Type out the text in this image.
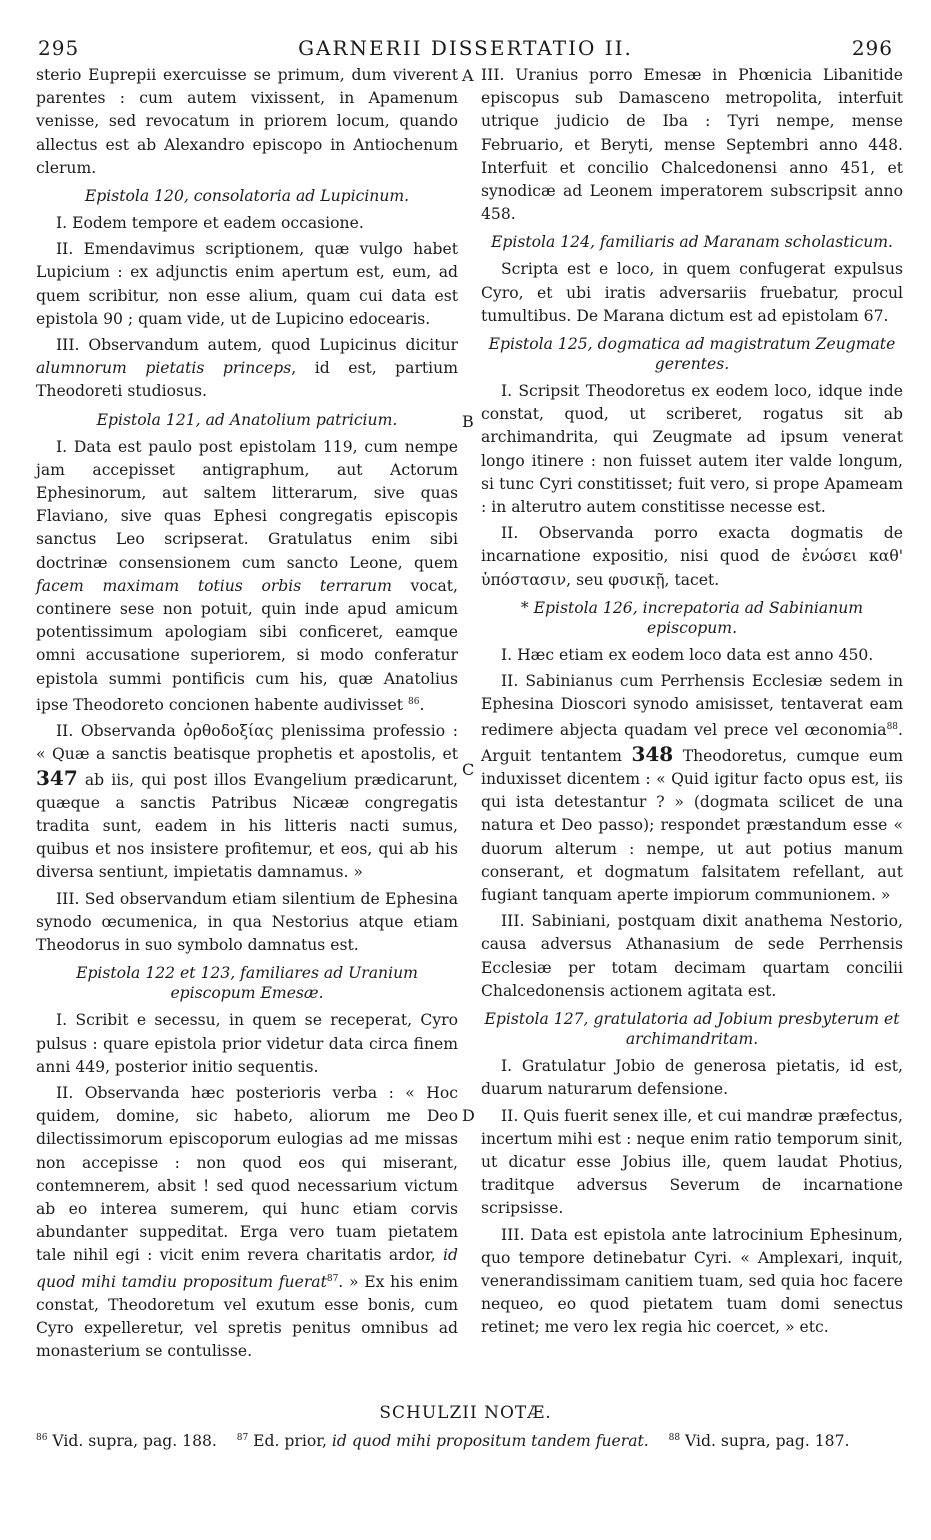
295	GARNERII DISSERTATIO II.	296
A
B
C
D

sterio Euprepii exercuisse se primum, dum viverent parentes : cum autem vixissent, in Apamenum venisse, sed revocatum in priorem locum, quando allectus est ab Alexandro episcopo in Antiochenum clerum.

Epistola 120, consolatoria ad Lupicinum.

I. Eodem tempore et eadem occasione.

II. Emendavimus scriptionem, quæ vulgo habet Lupicium : ex adjunctis enim apertum est, eum, ad quem scribitur, non esse alium, quam cui data est epistola 90 ; quam vide, ut de Lupicino edocearis.

III. Observandum autem, quod Lupicinus dicitur alumnorum pietatis princeps, id est, partium Theodoreti studiosus.

Epistola 121, ad Anatolium patricium.

I. Data est paulo post epistolam 119, cum nempe jam accepisset antigraphum, aut Actorum Ephesinorum, aut saltem litterarum, sive quas Flaviano, sive quas Ephesi congregatis episcopis sanctus Leo scripserat. Gratulatus enim sibi doctrinæ consensionem cum sancto Leone, quem facem maximam totius orbis terrarum vocat, continere sese non potuit, quin inde apud amicum potentissimum apologiam sibi conficeret, eamque omni accusatione superiorem, si modo conferatur epistola summi pontificis cum his, quæ Anatolius ipse Theodoreto concionen habente audivisset $^{86}$.

II. Observanda ὀρθοδοξίας plenissima professio : « Quæ a sanctis beatisque prophetis et apostolis, et 347 ab iis, qui post illos Evangelium prædicarunt, quæque a sanctis Patribus Nicææ congregatis tradita sunt, eadem in his litteris nacti sumus, quibus et nos insistere profitemur, et eos, qui ab his diversa sentiunt, impietatis damnamus. »

III. Sed observandum etiam silentium de Ephesina synodo œcumenica, in qua Nestorius atque etiam Theodorus in suo symbolo damnatus est.

Epistola 122 et 123, familiares ad Uranium episcopum Emesæ.

I. Scribit e secessu, in quem se receperat, Cyro pulsus : quare epistola prior videtur data circa finem anni 449, posterior initio sequentis.

II. Observanda hæc posterioris verba : « Hoc quidem, domine, sic habeto, aliorum me Deo dilectissimorum episcoporum eulogias ad me missas non accepisse : non quod eos qui miserant, contemnerem, absit ! sed quod necessarium victum ab eo interea sumerem, qui hunc etiam corvis abundanter suppeditat. Erga vero tuam pietatem tale nihil egi : vicit enim revera charitatis ardor, id quod mihi tamdiu propositum fuerat$^{87}$. » Ex his enim constat, Theodoretum vel exutum esse bonis, cum Cyro expelleretur, vel spretis penitus omnibus ad monasterium se contulisse.

III. Uranius porro Emesæ in Phœnicia Libanitide episcopus sub Damasceno metropolita, interfuit utrique judicio de Iba : Tyri nempe, mense Februario, et Beryti, mense Septembri anno 448. Interfuit et concilio Chalcedonensi anno 451, et synodicæ ad Leonem imperatorem subscripsit anno 458.

Epistola 124, familiaris ad Maranam scholasticum.

Scripta est e loco, in quem confugerat expulsus Cyro, et ubi iratis adversariis fruebatur, procul tumultibus. De Marana dictum est ad epistolam 67.

Epistola 125, dogmatica ad magistratum Zeugmate gerentes.

I. Scripsit Theodoretus ex eodem loco, idque inde constat, quod, ut scriberet, rogatus sit ab archimandrita, qui Zeugmate ad ipsum venerat longo itinere : non fuisset autem iter valde longum, si tunc Cyri constitisset; fuit vero, si prope Apameam : in alterutro autem constitisse necesse est.

II. Observanda porro exacta dogmatis de incarnatione expositio, nisi quod de ἑνώσει καθ' ὑπόστασιν, seu φυσικῇ, tacet.

* Epistola 126, increpatoria ad Sabinianum episcopum.

I. Hæc etiam ex eodem loco data est anno 450.

II. Sabinianus cum Perrhensis Ecclesiæ sedem in Ephesina Dioscori synodo amisisset, tentaverat eam redimere abjecta quadam vel prece vel œconomia$^{88}$. Arguit tentantem 348 Theodoretus, cumque eum induxisset dicentem : « Quid igitur facto opus est, iis qui ista detestantur ? » (dogmata scilicet de una natura et Deo passo); respondet præstandum esse « duorum alterum : nempe, ut aut potius manum conserant, et dogmatum falsitatem refellant, aut fugiant tanquam aperte impiorum communionem. »

III. Sabiniani, postquam dixit anathema Nestorio, causa adversus Athanasium de sede Perrhensis Ecclesiæ per totam decimam quartam concilii Chalcedonensis actionem agitata est.

Epistola 127, gratulatoria ad Jobium presbyterum et archimandritam.

I. Gratulatur Jobio de generosa pietatis, id est, duarum naturarum defensione.

II. Quis fuerit senex ille, et cui mandræ præfectus, incertum mihi est : neque enim ratio temporum sinit, ut dicatur esse Jobius ille, quem laudat Photius, traditque adversus Severum de incarnatione scripsisse.

III. Data est epistola ante latrocinium Ephesinum, quo tempore detinebatur Cyri. « Amplexari, inquit, venerandissimam canitiem tuam, sed quia hoc facere nequeo, eo quod pietatem tuam domi senectus retinet; me vero lex regia hic coercet, » etc.

SCHULZII NOTÆ.
$^{86}$ Vid. supra, pag. 188. $^{87}$ Ed. prior, id quod mihi propositum tandem fuerat. $^{88}$ Vid. supra, pag. 187.
